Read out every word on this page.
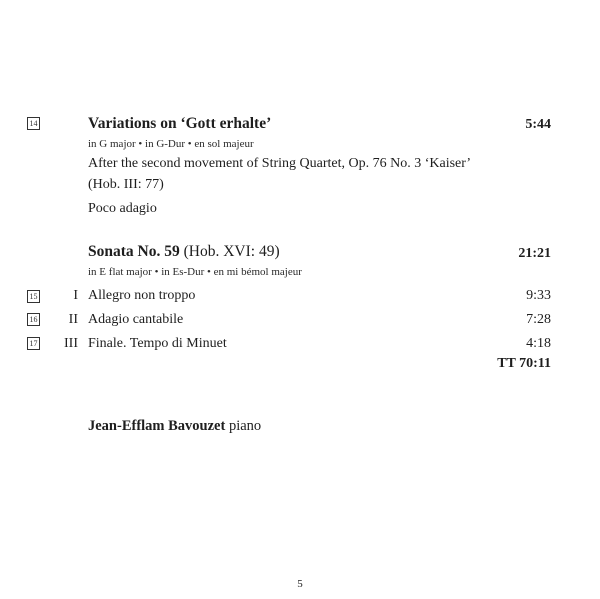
14	Variations on ‘Gott erhalte’	5:44
in G major • in G-Dur • en sol majeur
After the second movement of String Quartet, Op. 76 No. 3 ‘Kaiser’
(Hob. III: 77)
Poco adagio
Sonata No. 59 (Hob. XVI: 49)	21:21
in E flat major • in Es-Dur • en mi bémol majeur
15	I Allegro non troppo	9:33
16	II Adagio cantabile	7:28
17	III Finale. Tempo di Minuet	4:18
TT 70:11
Jean-Efflam Bavouzet piano
5
